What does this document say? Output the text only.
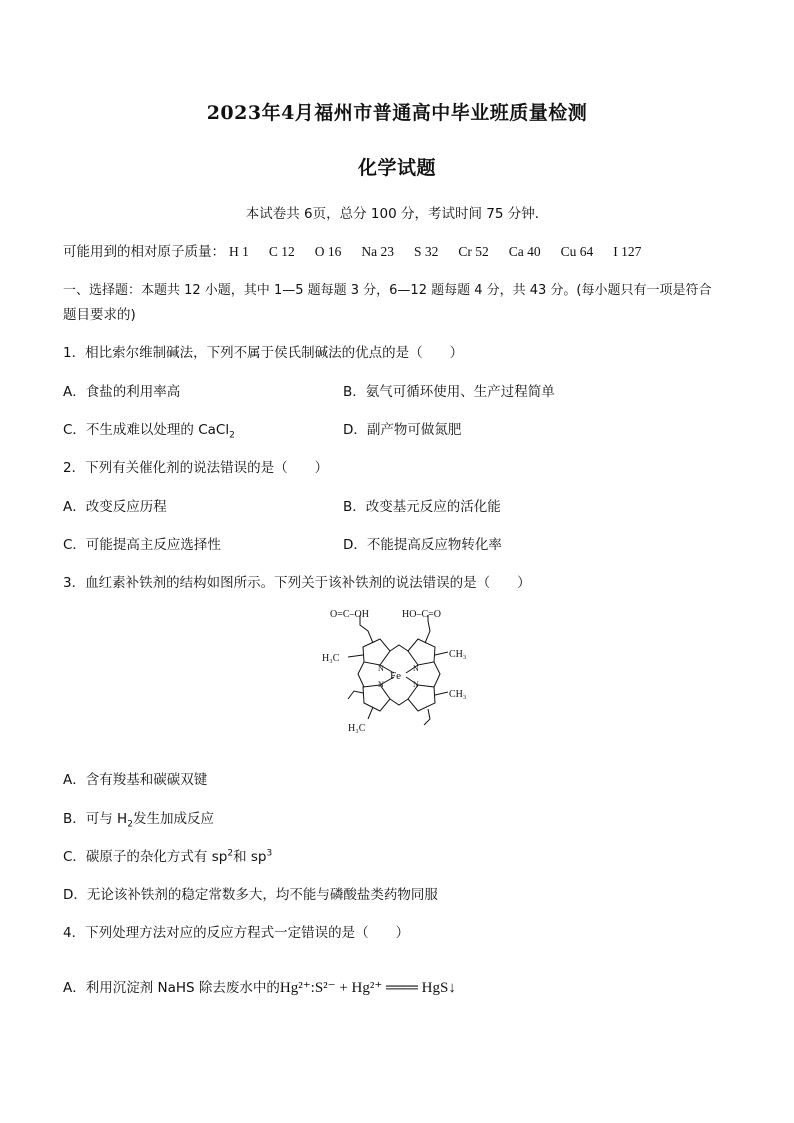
2023年4月福州市普通高中毕业班质量检测
化学试题
本试卷共 6页，总分 100 分，考试时间 75 分钟．
可能用到的相对原子质量： H 1 C 12 O 16 Na 23 S 32 Cr 52 Ca 40 Cu 64 I 127
一、选择题：本题共 12 小题，其中 1—5 题每题 3 分，6—12 题每题 4 分，共 43 分。(每小题只有一项是符合
题目要求的)
1．相比索尔维制碱法，下列不属于侯氏制碱法的优点的是（　　）
A．食盐的利用率高	B．氨气可循环使用、生产过程简单
C．不生成难以处理的 CaCl$_2$	D．副产物可做氮肥
2．下列有关催化剂的说法错误的是（　　）
A．改变反应历程	B．改变基元反应的活化能
C．可能提高主反应选择性	D．不能提高反应物转化率
3．血红素补铁剂的结构如图所示。下列关于该补铁剂的说法错误的是（　　）
O=C–OH	HO–C=O
H₃C	CH₃
CH₃
H₃C
Fe
N	N
N	N
A．含有羧基和碳碳双键
B．可与 $H_2$发生加成反应
C．碳原子的杂化方式有 $sp^2$和 $sp^3$
D．无论该补铁剂的稳定常数多大，均不能与磷酸盐类药物同服
4．下列处理方法对应的反应方程式一定错误的是（　　）
A．利用沉淀剂 NaHS 除去废水中的Hg²⁺:S²⁻ + Hg²⁺ ═══ HgS↓
